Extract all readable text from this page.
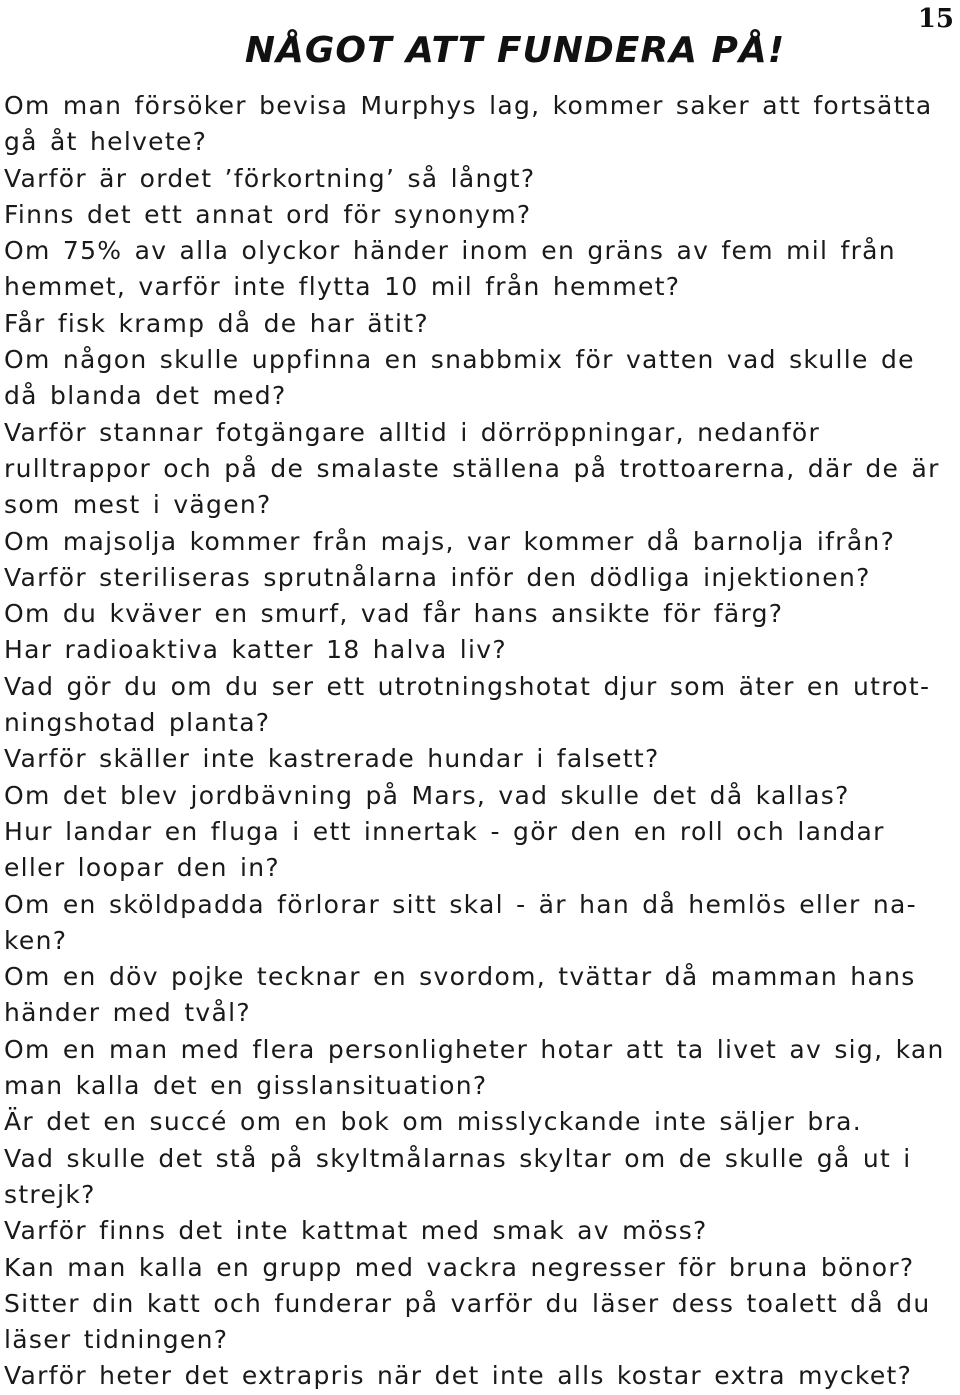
15
NÅGOT ATT FUNDERA PÅ!
Om man försöker bevisa Murphys lag, kommer saker att fortsätta gå åt helvete?
Varför är ordet ’förkortning’ så långt?
Finns det ett annat ord för synonym?
Om 75% av alla olyckor händer inom en gräns av fem mil från hemmet, varför inte flytta 10 mil från hemmet?
Får fisk kramp då de har ätit?
Om någon skulle uppfinna en snabbmix för vatten vad skulle de då blanda det med?
Varför stannar fotgängare alltid i dörröppningar, nedanför rulltrappor och på de smalaste ställena på trottoarerna, där de är som mest i vägen?
Om majsolja kommer från majs, var kommer då barnolja ifrån?
Varför steriliseras sprutnålarna inför den dödliga injektionen?
Om du kväver en smurf, vad får hans ansikte för färg?
Har radioaktiva katter 18 halva liv?
Vad gör du om du ser ett utrotningshotat djur som äter en utrotningshotad planta?
Varför skäller inte kastrerade hundar i falsett?
Om det blev jordbävning på Mars, vad skulle det då kallas?
Hur landar en fluga i ett innertak - gör den en roll och landar eller loopar den in?
Om en sköldpadda förlorar sitt skal - är han då hemlös eller naken?
Om en döv pojke tecknar en svordom, tvättar då mamman hans händer med tvål?
Om en man med flera personligheter hotar att ta livet av sig, kan man kalla det en gisslansituation?
Är det en succé om en bok om misslyckande inte säljer bra.
Vad skulle det stå på skyltmålarnas skyltar om de skulle gå ut i strejk?
Varför finns det inte kattmat med smak av möss?
Kan man kalla en grupp med vackra negresser för bruna bönor?
Sitter din katt och funderar på varför du läser dess toalett då du läser tidningen?
Varför heter det extrapris när det inte alls kostar extra mycket?
